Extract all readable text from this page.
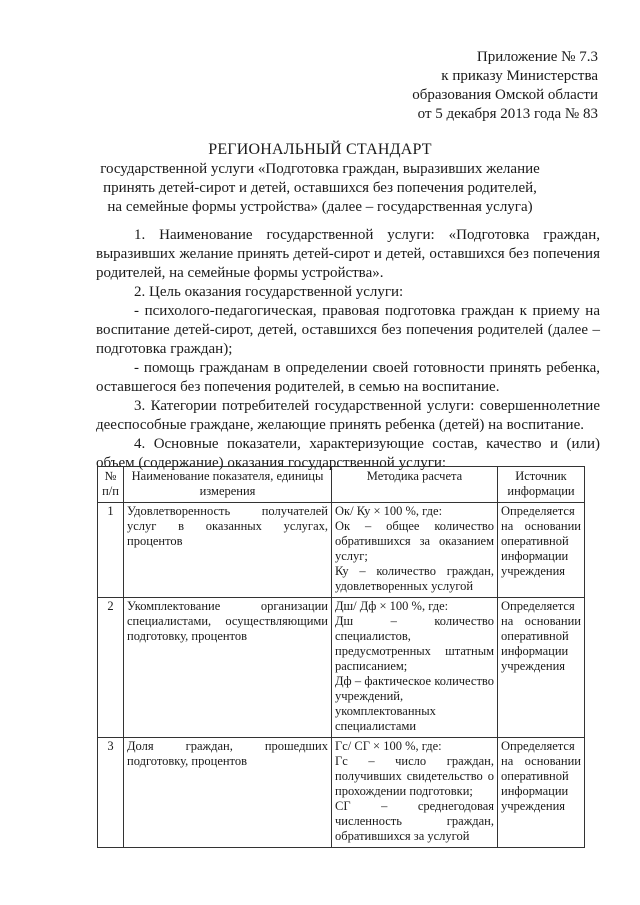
Приложение № 7.3
к приказу Министерства
образования Омской области
от 5 декабря 2013 года № 83
РЕГИОНАЛЬНЫЙ СТАНДАРТ
государственной услуги «Подготовка граждан, выразивших желание
принять детей-сирот и детей, оставшихся без попечения родителей,
на семейные формы устройства» (далее – государственная услуга)

1. Наименование государственной услуги: «Подготовка граждан, выразивших желание принять детей-сирот и детей, оставшихся без попечения родителей, на семейные формы устройства».

2. Цель оказания государственной услуги:

- психолого-педагогическая, правовая подготовка граждан к приему на воспитание детей-сирот, детей, оставшихся без попечения родителей (далее – подготовка граждан);

- помощь гражданам в определении своей готовности принять ребенка, оставшегося без попечения родителей, в семью на воспитание.

3. Категории потребителей государственной услуги: совершеннолетние дееспособные граждане, желающие принять ребенка (детей) на воспитание.

4. Основные показатели, характеризующие состав, качество и (или) объем (содержание) оказания государственной услуги:

№ п/п	Наименование показателя, единицы измерения	Методика расчета	Источник информации
1	Удовлетворенность получателей услуг в оказанных услугах, процентов	Ок/ Ку × 100 %, где:
Ок – общее количество обратившихся за оказанием услуг;
Ку – количество граждан, удовлетворенных услугой	Определяется на основании оперативной информации учреждения
2	Укомплектование организации специалистами, осуществляющими подготовку, процентов	Дш/ Дф × 100 %, где:
Дш – количество специалистов, предусмотренных штатным расписанием;
Дф – фактическое количество учреждений, укомплектованных специалистами	Определяется на основании оперативной информации учреждения
3	Доля граждан, прошедших подготовку, процентов	Гс/ СГ × 100 %, где:
Гс – число граждан, получивших свидетельство о прохождении подготовки;
СГ – среднегодовая численность граждан, обратившихся за услугой	Определяется на основании оперативной информации учреждения
